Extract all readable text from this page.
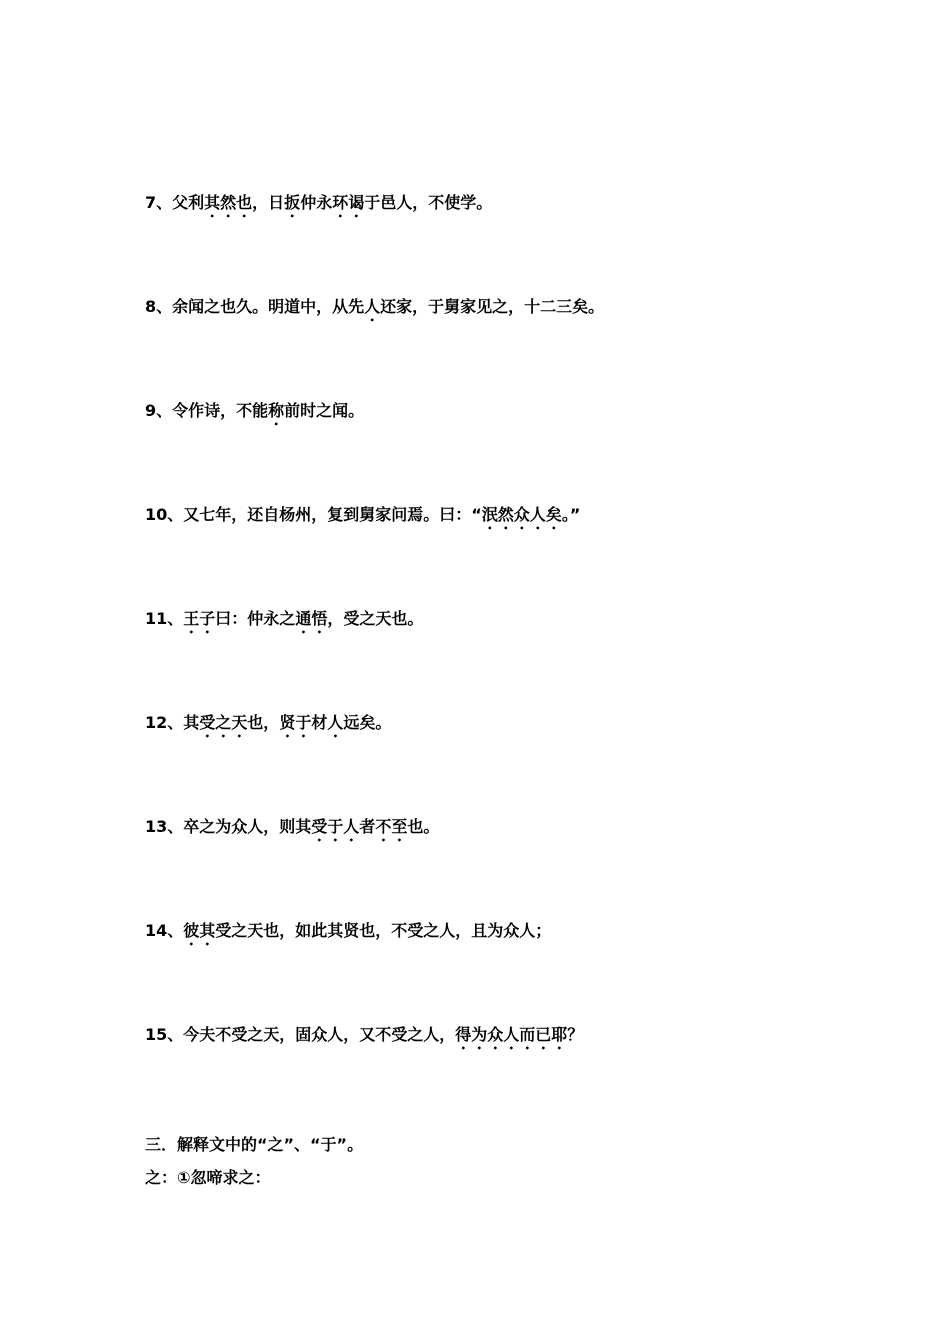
7、父利其然也，日扳仲永环谒于邑人，不使学。
8、余闻之也久。明道中，从先人还家，于舅家见之，十二三矣。
9、令作诗，不能称前时之闻。
10、又七年，还自杨州，复到舅家问焉。曰：“泯然众人矣。”
11、王子曰：仲永之通悟，受之天也。
12、其受之天也，贤于材人远矣。
13、卒之为众人，则其受于人者不至也。
14、彼其受之天也，如此其贤也，不受之人，且为众人；
15、今夫不受之天，固众人，又不受之人，得为众人而已耶？
三．解释文中的“之”、“于”。
之：①忽啼求之：
